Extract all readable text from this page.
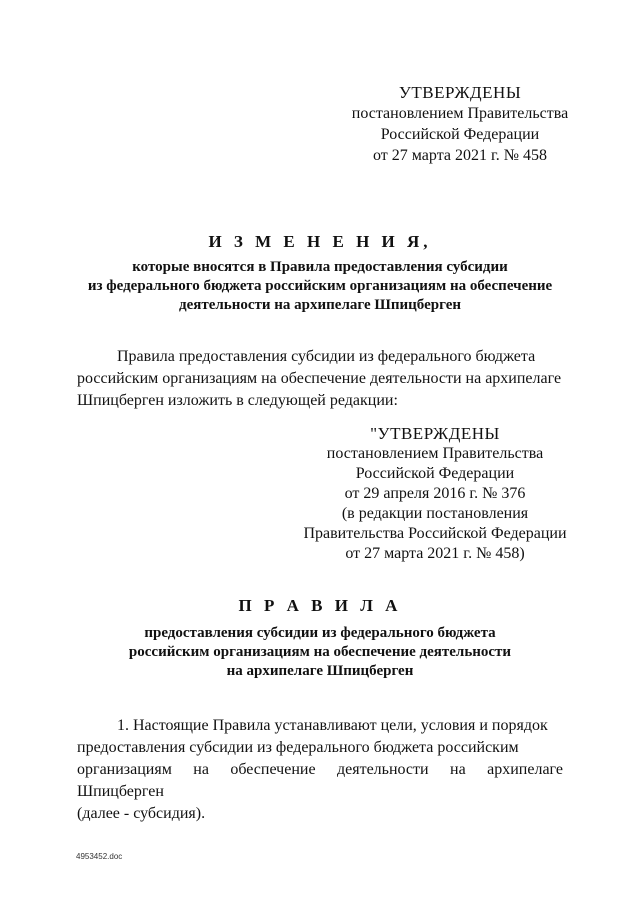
УТВЕРЖДЕНЫ
постановлением Правительства
Российской Федерации
от 27 марта 2021 г. № 458
И З М Е Н Е Н И Я,
которые вносятся в Правила предоставления субсидии
из федерального бюджета российским организациям на обеспечение
деятельности на архипелаге Шпицберген
Правила предоставления субсидии из федерального бюджета
российским организациям на обеспечение деятельности на архипелаге
Шпицберген изложить в следующей редакции:
"УТВЕРЖДЕНЫ
постановлением Правительства
Российской Федерации
от 29 апреля 2016 г. № 376
(в редакции постановления
Правительства Российской Федерации
от 27 марта 2021 г. № 458)
П Р А В И Л А
предоставления субсидии из федерального бюджета
российским организациям на обеспечение деятельности
на архипелаге Шпицберген
1. Настоящие Правила устанавливают цели, условия и порядок
предоставления субсидии из федерального бюджета российским
организациям на обеспечение деятельности на архипелаге Шпицберген
(далее - субсидия).
4953452.doc
